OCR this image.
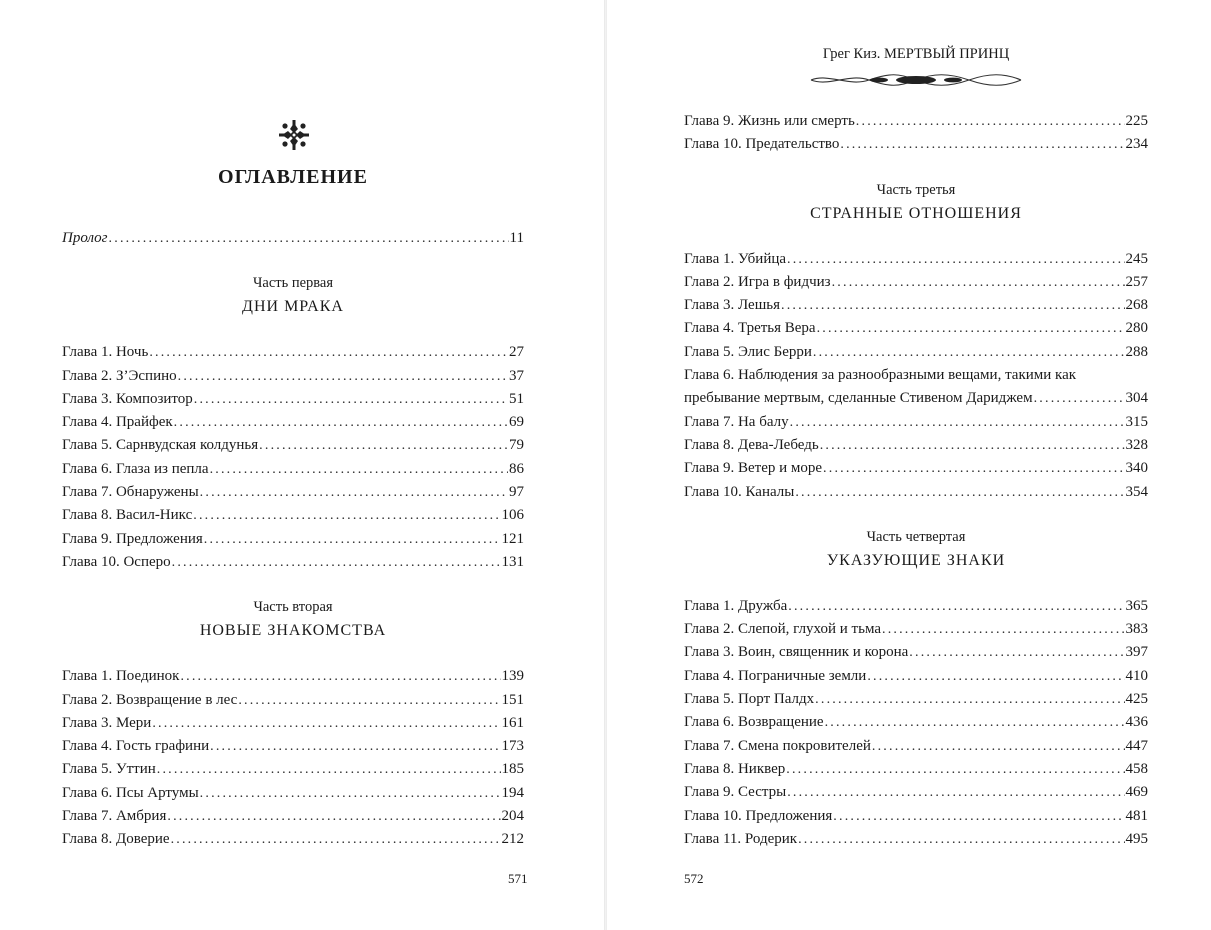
ОГЛАВЛЕНИЕ
Пролог .....	11
Часть первая
ДНИ МРАКА
Глава 1. Ночь .....	27
Глава 2. З’Эспино .....	37
Глава 3. Композитор .....	51
Глава 4. Прайфек .....	69
Глава 5. Сарнвудская колдунья .....	79
Глава 6. Глаза из пепла .....	86
Глава 7. Обнаружены .....	97
Глава 8. Васил-Никс .....	106
Глава 9. Предложения .....	121
Глава 10. Осперо .....	131
Часть вторая
НОВЫЕ ЗНАКОМСТВА
Глава 1. Поединок .....	139
Глава 2. Возвращение в лес .....	151
Глава 3. Мери .....	161
Глава 4. Гость графини .....	173
Глава 5. Уттин .....	185
Глава 6. Псы Артумы .....	194
Глава 7. Амбрия .....	204
Глава 8. Доверие .....	212
571
Грег Киз. МЕРТВЫЙ ПРИНЦ
Глава 9. Жизнь или смерть .....	225
Глава 10. Предательство .....	234
Часть третья
СТРАННЫЕ ОТНОШЕНИЯ
Глава 1. Убийца .....	245
Глава 2. Игра в фидчиз .....	257
Глава 3. Лешья .....	268
Глава 4. Третья Вера .....	280
Глава 5. Элис Берри .....	288
Глава 6. Наблюдения за разнообразными вещами, такими как
пребывание мертвым, сделанные Стивеном Дариджем .....	304
Глава 7. На балу .....	315
Глава 8. Дева-Лебедь .....	328
Глава 9. Ветер и море .....	340
Глава 10. Каналы .....	354
Часть четвертая
УКАЗУЮЩИЕ ЗНАКИ
Глава 1. Дружба .....	365
Глава 2. Слепой, глухой и тьма .....	383
Глава 3. Воин, священник и корона .....	397
Глава 4. Пограничные земли .....	410
Глава 5. Порт Палдх .....	425
Глава 6. Возвращение .....	436
Глава 7. Смена покровителей .....	447
Глава 8. Никвер .....	458
Глава 9. Сестры .....	469
Глава 10. Предложения .....	481
Глава 11. Родерик .....	495
572
